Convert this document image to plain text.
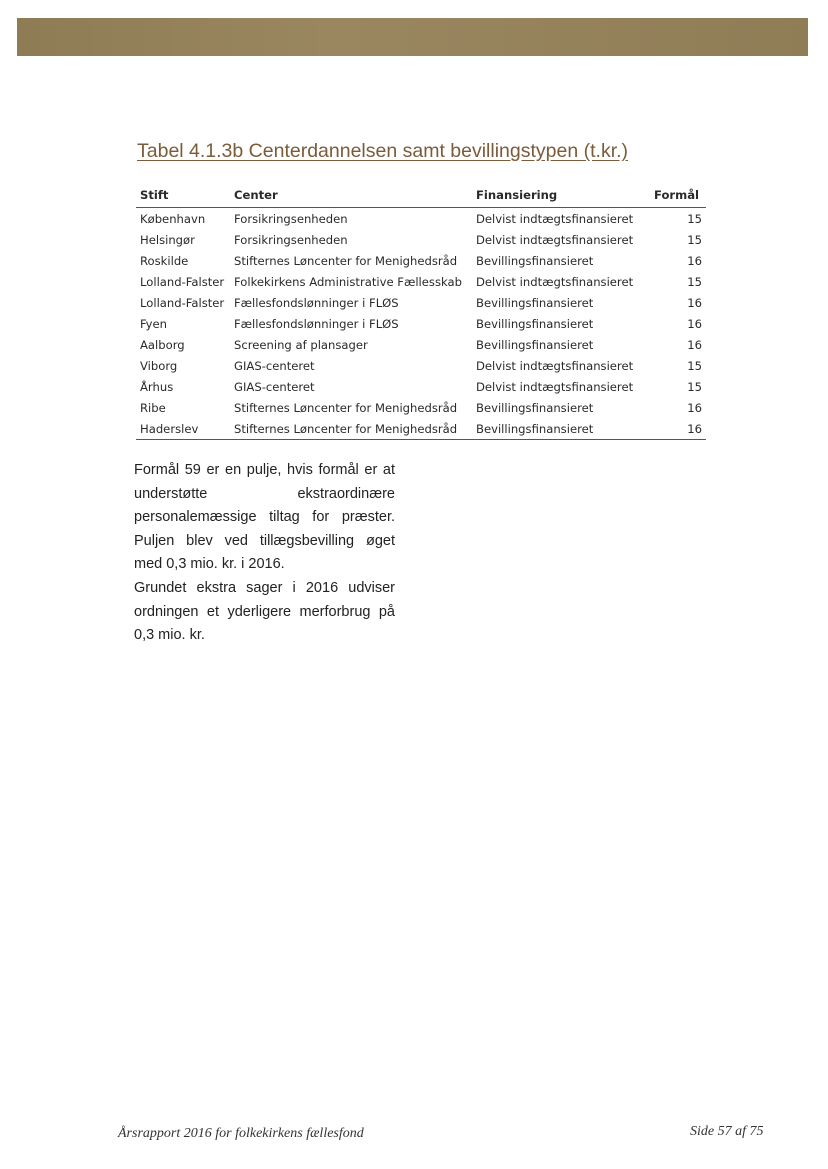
Tabel 4.1.3b Centerdannelsen samt bevillingstypen (t.kr.)
Stift	Center	Finansiering	Formål
København	Forsikringsenheden	Delvist indtægtsfinansieret	15
Helsingør	Forsikringsenheden	Delvist indtægtsfinansieret	15
Roskilde	Stifternes Løncenter for Menighedsråd	Bevillingsfinansieret	16
Lolland-Falster	Folkekirkens Administrative Fællesskab	Delvist indtægtsfinansieret	15
Lolland-Falster	Fællesfondslønninger i FLØS	Bevillingsfinansieret	16
Fyen	Fællesfondslønninger i FLØS	Bevillingsfinansieret	16
Aalborg	Screening af plansager	Bevillingsfinansieret	16
Viborg	GIAS-centeret	Delvist indtægtsfinansieret	15
Århus	GIAS-centeret	Delvist indtægtsfinansieret	15
Ribe	Stifternes Løncenter for Menighedsråd	Bevillingsfinansieret	16
Haderslev	Stifternes Løncenter for Menighedsråd	Bevillingsfinansieret	16

Formål 59 er en pulje, hvis formål er at understøtte ekstraordinære personalemæssige tiltag for præster. Puljen blev ved tillægsbevilling øget med 0,3 mio. kr. i 2016.

Grundet ekstra sager i 2016 udviser ordningen et yderligere merforbrug på 0,3 mio. kr.

Årsrapport 2016 for folkekirkens fællesfond	Side 57 af 75
